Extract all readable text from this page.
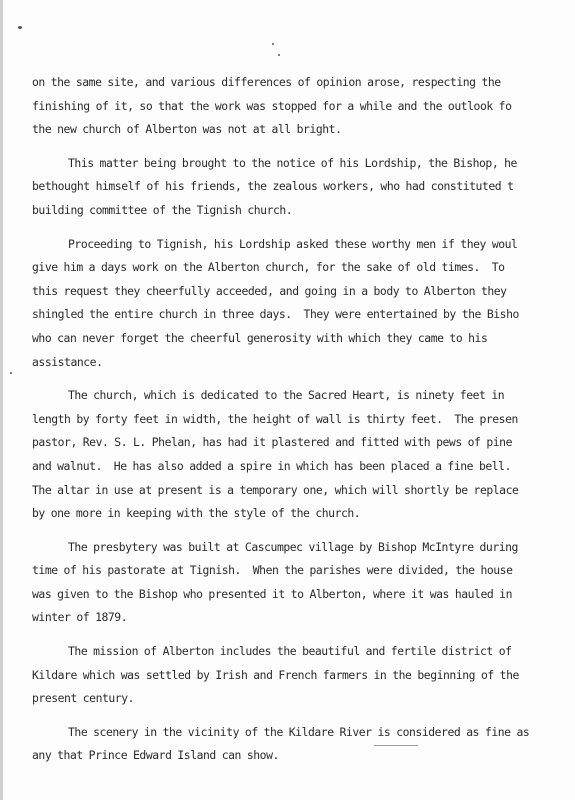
on the same site, and various differences of opinion arose, respecting the
finishing of it, so that the work was stopped for a while and the outlook fo
the new church of Alberton was not at all bright.
This matter being brought to the notice of his Lordship, the Bishop, he
bethought himself of his friends, the zealous workers, who had constituted t
building committee of the Tignish church.
Proceeding to Tignish, his Lordship asked these worthy men if they woul
give him a days work on the Alberton church, for the sake of old times.  To
this request they cheerfully acceeded, and going in a body to Alberton they
shingled the entire church in three days.  They were entertained by the Bisho
who can never forget the cheerful generosity with which they came to his
assistance.
The church, which is dedicated to the Sacred Heart, is ninety feet in
length by forty feet in width, the height of wall is thirty feet.  The presen
pastor, Rev. S. L. Phelan, has had it plastered and fitted with pews of pine
and walnut.  He has also added a spire in which has been placed a fine bell.
The altar in use at present is a temporary one, which will shortly be replace
by one more in keeping with the style of the church.
The presbytery was built at Cascumpec village by Bishop McIntyre during
time of his pastorate at Tignish.  When the parishes were divided, the house
was given to the Bishop who presented it to Alberton, where it was hauled in
winter of 1879.
The mission of Alberton includes the beautiful and fertile district of
Kildare which was settled by Irish and French farmers in the beginning of the
present century.
The scenery in the vicinity of the Kildare River is considered as fine as
any that Prince Edward Island can show.
